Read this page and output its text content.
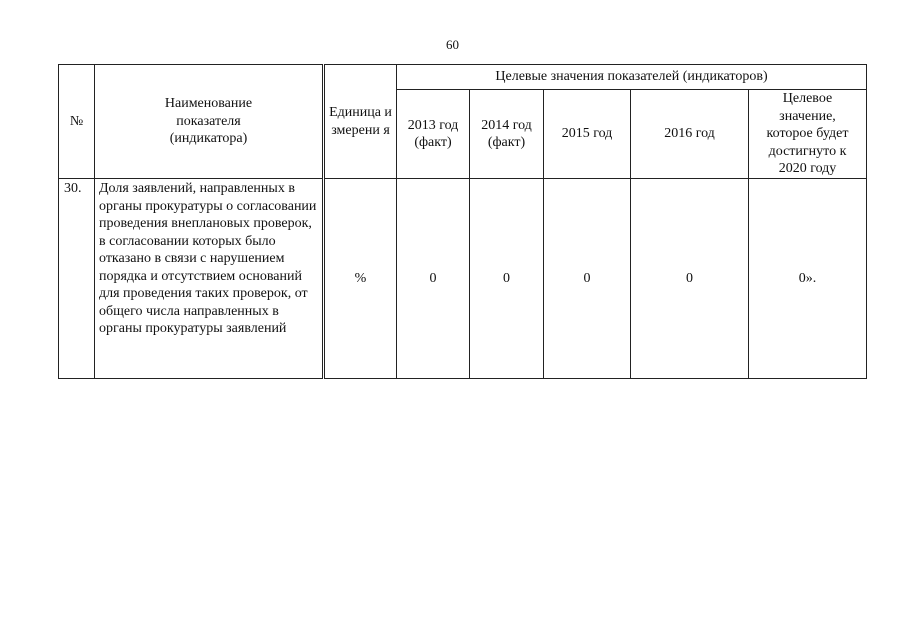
60
№	Наименование показателя (индикатора)	Единица измерени я	Целевые значения показателей (индикаторов)				

			2013 год (факт)	2014 год (факт)	2015 год	2016 год	Целевое значение, которое будет достигнуто к 2020 году

30.	Доля заявлений, направленных в органы прокуратуры о согласовании проведения внеплановых проверок, в согласовании которых было отказано в связи с нарушением порядка и отсутствием оснований для проведения таких проверок, от общего числа направленных в органы прокуратуры заявлений	%	0	0	0	0	0».
